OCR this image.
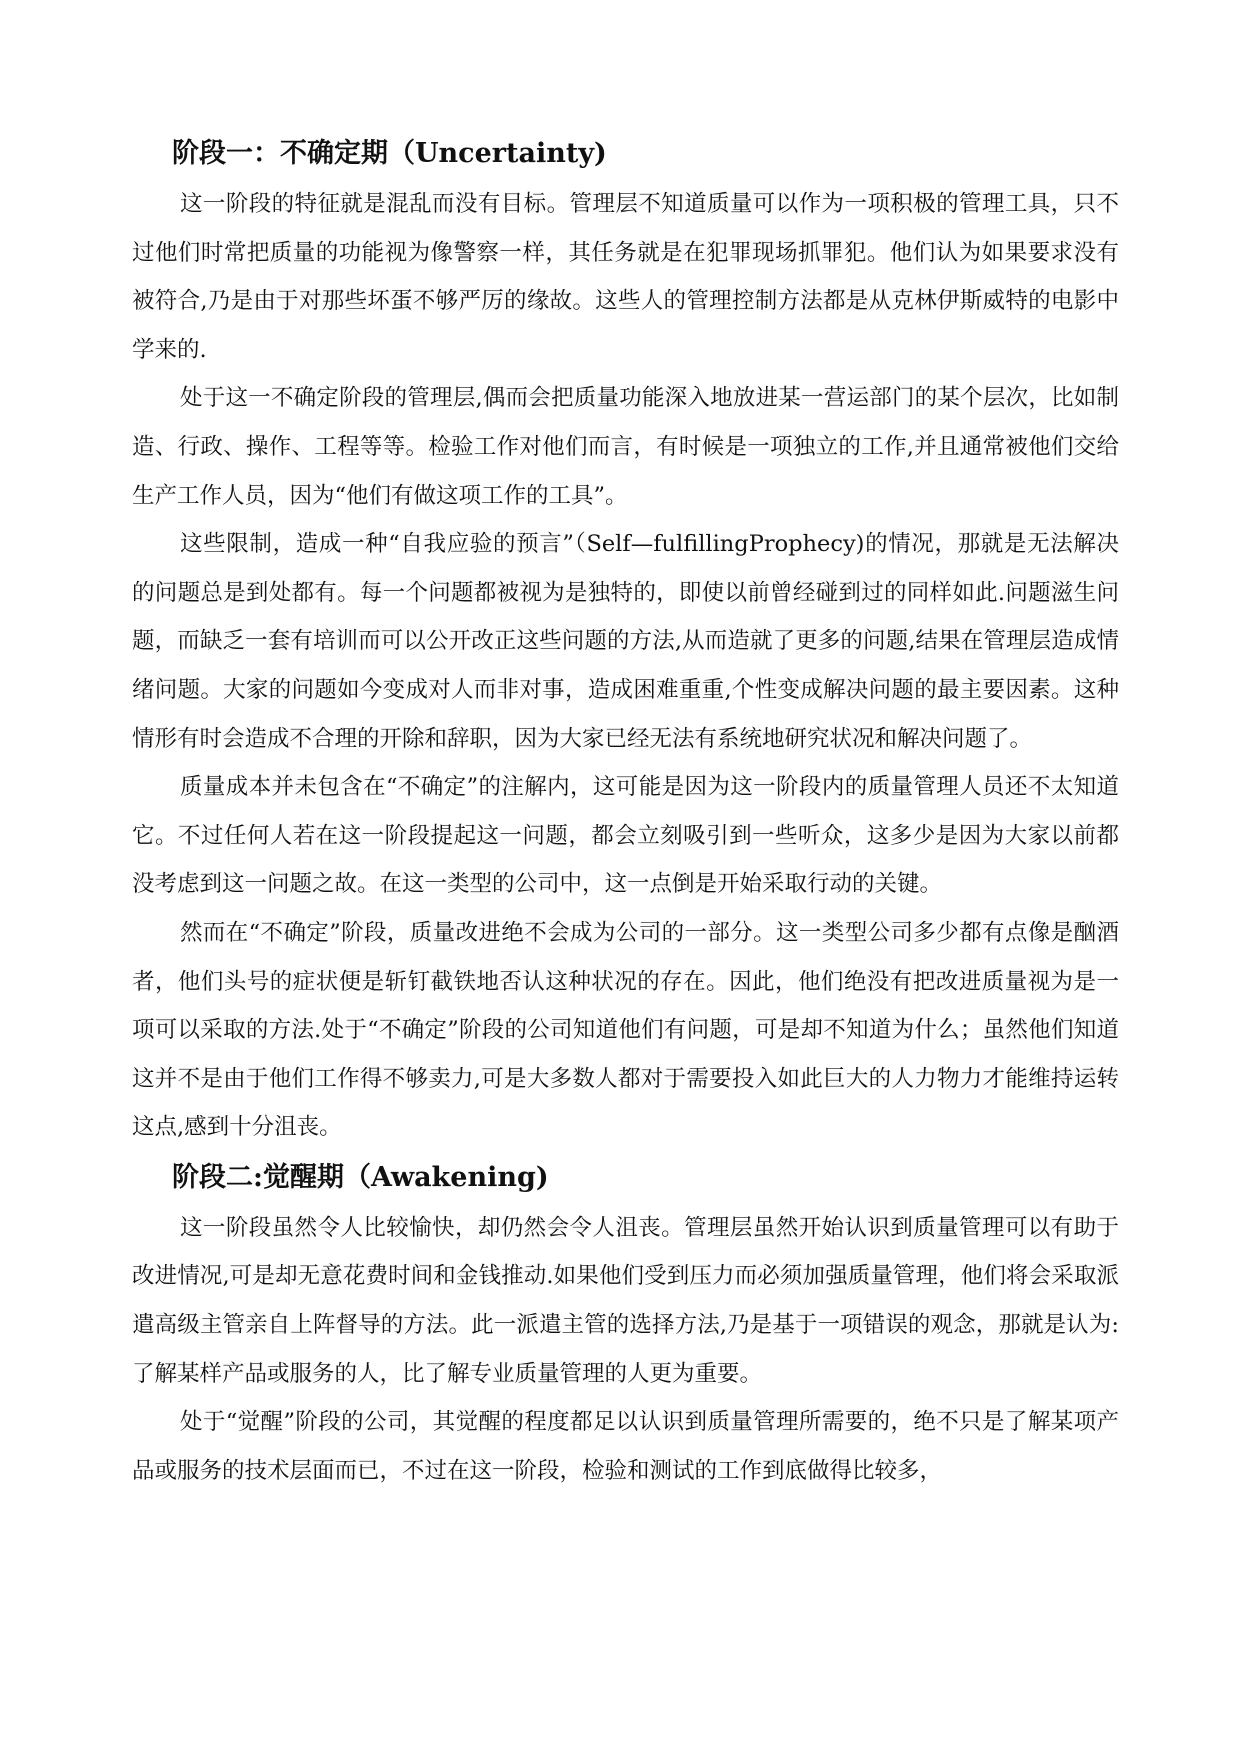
阶段一：不确定期（Uncertainty)

这一阶段的特征就是混乱而没有目标。管理层不知道质量可以作为一项积极的管理工具，只不过他们时常把质量的功能视为像警察一样，其任务就是在犯罪现场抓罪犯。他们认为如果要求没有被符合,乃是由于对那些坏蛋不够严厉的缘故。这些人的管理控制方法都是从克林伊斯威特的电影中学来的.

处于这一不确定阶段的管理层,偶而会把质量功能深入地放进某一营运部门的某个层次，比如制造、行政、操作、工程等等。检验工作对他们而言，有时候是一项独立的工作,并且通常被他们交给生产工作人员，因为“他们有做这项工作的工具”。

这些限制，造成一种“自我应验的预言”（Self—fulfillingProphecy)的情况，那就是无法解决的问题总是到处都有。每一个问题都被视为是独特的，即使以前曾经碰到过的同样如此.问题滋生问题，而缺乏一套有培训而可以公开改正这些问题的方法,从而造就了更多的问题,结果在管理层造成情绪问题。大家的问题如今变成对人而非对事，造成困难重重,个性变成解决问题的最主要因素。这种情形有时会造成不合理的开除和辞职，因为大家已经无法有系统地研究状况和解决问题了。

质量成本并未包含在“不确定”的注解内，这可能是因为这一阶段内的质量管理人员还不太知道它。不过任何人若在这一阶段提起这一问题，都会立刻吸引到一些听众，这多少是因为大家以前都没考虑到这一问题之故。在这一类型的公司中，这一点倒是开始采取行动的关键。

然而在“不确定”阶段，质量改进绝不会成为公司的一部分。这一类型公司多少都有点像是酗酒者，他们头号的症状便是斩钉截铁地否认这种状况的存在。因此，他们绝没有把改进质量视为是一项可以采取的方法.处于“不确定”阶段的公司知道他们有问题，可是却不知道为什么；虽然他们知道这并不是由于他们工作得不够卖力,可是大多数人都对于需要投入如此巨大的人力物力才能维持运转这点,感到十分沮丧。

阶段二:觉醒期（Awakening)

这一阶段虽然令人比较愉快，却仍然会令人沮丧。管理层虽然开始认识到质量管理可以有助于改进情况,可是却无意花费时间和金钱推动.如果他们受到压力而必须加强质量管理，他们将会采取派遣高级主管亲自上阵督导的方法。此一派遣主管的选择方法,乃是基于一项错误的观念，那就是认为:了解某样产品或服务的人，比了解专业质量管理的人更为重要。

处于“觉醒”阶段的公司，其觉醒的程度都足以认识到质量管理所需要的，绝不只是了解某项产品或服务的技术层面而已，不过在这一阶段，检验和测试的工作到底做得比较多，
